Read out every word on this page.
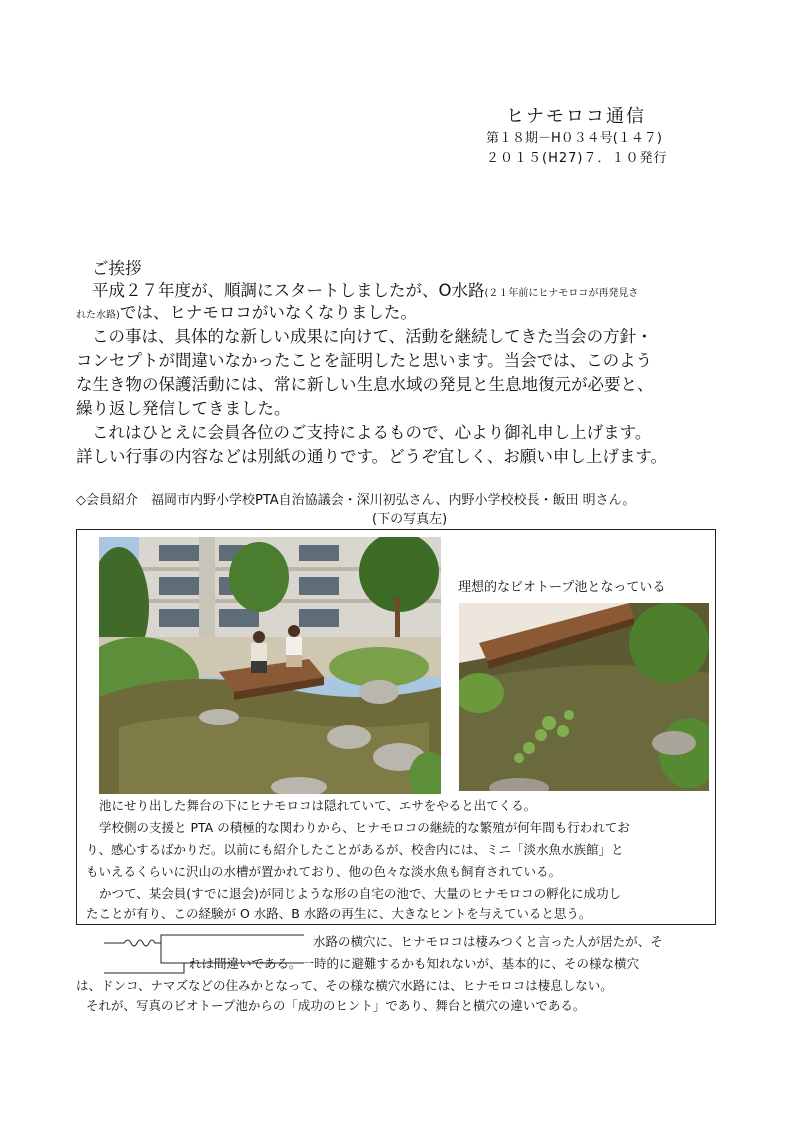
ヒナモロコ通信
第１８期－H０３４号(１４７)
２０１５(H27)７．１０発行
ご挨拶
平成２７年度が、順調にスタートしましたが、O水路(２１年前にヒナモロコが再発見さ
れた水路)では、ヒナモロコがいなくなりました。
この事は、具体的な新しい成果に向けて、活動を継続してきた当会の方針・
コンセプトが間違いなかったことを証明したと思います。当会では、このよう
な生き物の保護活動には、常に新しい生息水域の発見と生息地復元が必要と、
繰り返し発信してきました。
これはひとえに会員各位のご支持によるもので、心より御礼申し上げます。
詳しい行事の内容などは別紙の通りです。どうぞ宜しく、お願い申し上げます。
◇会員紹介　福岡市内野小学校PTA自治協議会・深川初弘さん、内野小学校校長・飯田 明さん。
(下の写真左)
理想的なビオトープ池となっている
池にせり出した舞台の下にヒナモロコは隠れていて、エサをやると出てくる。
学校側の支援と PTA の積極的な関わりから、ヒナモロコの継続的な繁殖が何年間も行われてお
り、感心するばかりだ。以前にも紹介したことがあるが、校舎内には、ミニ「淡水魚水族館」と
もいえるくらいに沢山の水槽が置かれており、他の色々な淡水魚も飼育されている。
かつて、某会員(すでに退会)が同じような形の自宅の池で、大量のヒナモロコの孵化に成功し
たことが有り、この経験が O 水路、B 水路の再生に、大きなヒントを与えていると思う。
水路の横穴に、ヒナモロコは棲みつくと言った人が居たが、そ
れは間違いである。一時的に避難するかも知れないが、基本的に、その様な横穴
は、ドンコ、ナマズなどの住みかとなって、その様な横穴水路には、ヒナモロコは棲息しない。
それが、写真のビオトープ池からの「成功のヒント」であり、舞台と横穴の違いである。
